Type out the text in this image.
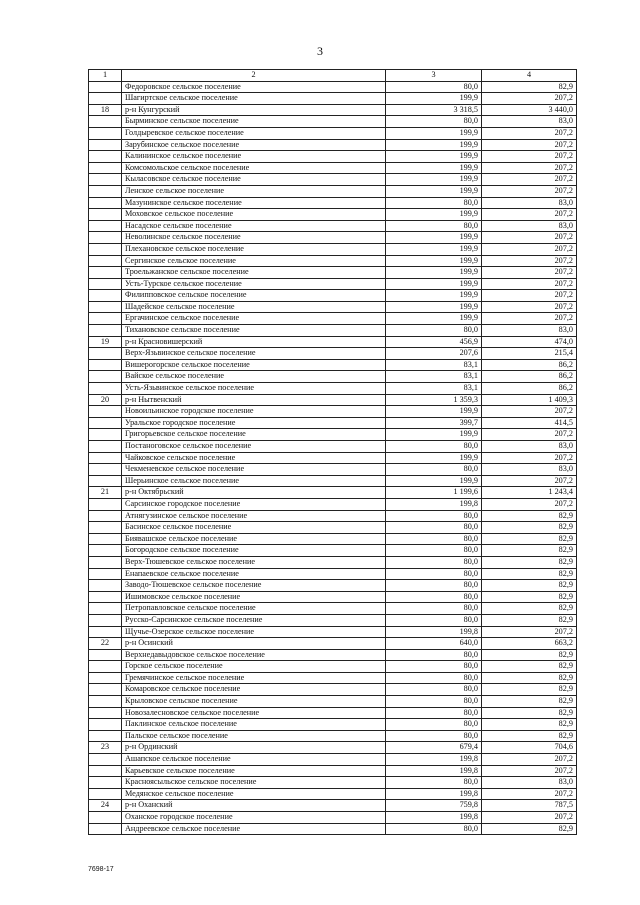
3
1	2	3	4
	Федоровское сельское поселение	80,0	82,9
	Шагиртское сельское поселение	199,9	207,2
18	р-н Кунгурский	3 318,5	3 440,0
	Бырминское сельское поселение	80,0	83,0
	Голдыревское сельское поселение	199,9	207,2
	Зарубинское сельское поселение	199,9	207,2
	Калининское сельское поселение	199,9	207,2
	Комсомольское сельское поселение	199,9	207,2
	Кыласовское сельское поселение	199,9	207,2
	Ленское сельское поселение	199,9	207,2
	Мазунинское сельское поселение	80,0	83,0
	Моховское сельское поселение	199,9	207,2
	Насадское сельское поселение	80,0	83,0
	Неволинское сельское поселение	199,9	207,2
	Плехановское сельское поселение	199,9	207,2
	Сергинское сельское поселение	199,9	207,2
	Троельжанское сельское поселение	199,9	207,2
	Усть-Турское сельское поселение	199,9	207,2
	Филипповское сельское поселение	199,9	207,2
	Шадейское сельское поселение	199,9	207,2
	Ергачинское сельское поселение	199,9	207,2
	Тихановское сельское поселение	80,0	83,0
19	р-н Красновишерский	456,9	474,0
	Верх-Язьвинское сельское поселение	207,6	215,4
	Вишерогорское сельское поселение	83,1	86,2
	Вайское сельское поселение	83,1	86,2
	Усть-Язьвинское сельское поселение	83,1	86,2
20	р-н Нытвенский	1 359,3	1 409,3
	Новоильинское городское поселение	199,9	207,2
	Уральское городское поселение	399,7	414,5
	Григорьевское сельское поселение	199,9	207,2
	Постаноговское сельское поселение	80,0	83,0
	Чайковское сельское поселение	199,9	207,2
	Чекменевское сельское поселение	80,0	83,0
	Шерьинское сельское поселение	199,9	207,2
21	р-н Октябрьский	1 199,6	1 243,4
	Сарсинское городское поселение	199,8	207,2
	Атнягузинское сельское поселение	80,0	82,9
	Басинское сельское поселение	80,0	82,9
	Биявашское сельское поселение	80,0	82,9
	Богородское сельское поселение	80,0	82,9
	Верх-Тюшевское сельское поселение	80,0	82,9
	Енапаевское сельское поселение	80,0	82,9
	Заводо-Тюшевское сельское поселение	80,0	82,9
	Ишимовское сельское поселение	80,0	82,9
	Петропавловское сельское поселение	80,0	82,9
	Русско-Сарсинское сельское поселение	80,0	82,9
	Щучье-Озерское сельское поселение	199,8	207,2
22	р-н Осинский	640,0	663,2
	Верхнедавыдовское сельское поселение	80,0	82,9
	Горское сельское поселение	80,0	82,9
	Гремячинское сельское поселение	80,0	82,9
	Комаровское сельское поселение	80,0	82,9
	Крыловское сельское поселение	80,0	82,9
	Новозалесновское сельское поселение	80,0	82,9
	Паклинское сельское поселение	80,0	82,9
	Пальское сельское поселение	80,0	82,9
23	р-н Ординский	679,4	704,6
	Ашапское сельское поселение	199,8	207,2
	Карьевское сельское поселение	199,8	207,2
	Красноясыльское сельское поселение	80,0	83,0
	Медянское сельское поселение	199,8	207,2
24	р-н Оханский	759,8	787,5
	Оханское городское поселение	199,8	207,2
	Андреевское сельское поселение	80,0	82,9
7698-17
